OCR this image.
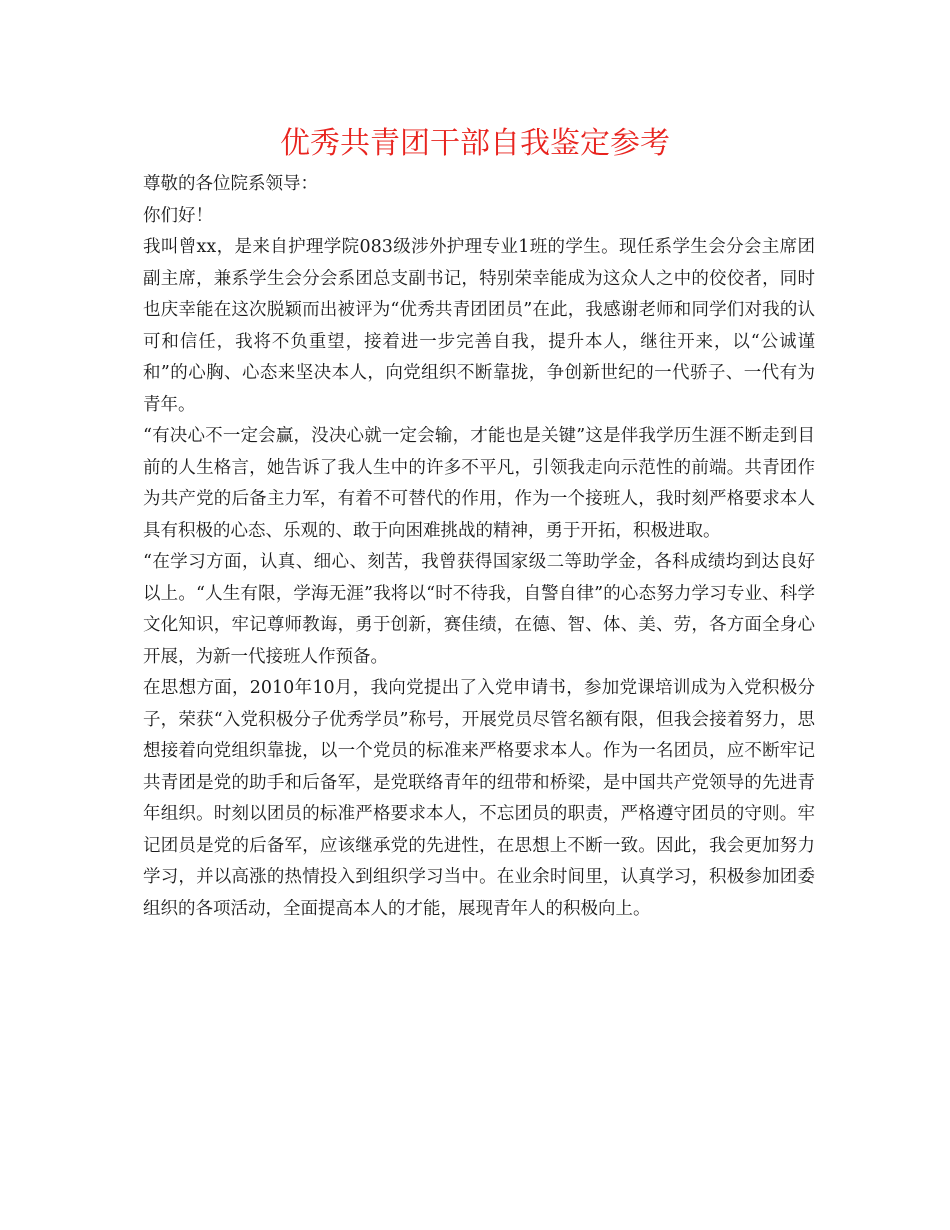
优秀共青团干部自我鉴定参考

尊敬的各位院系领导：

你们好！

我叫曾xx，是来自护理学院083级涉外护理专业1班的学生。现任系学生会分会主席团副主席，兼系学生会分会系团总支副书记，特别荣幸能成为这众人之中的佼佼者，同时也庆幸能在这次脱颖而出被评为“优秀共青团团员”在此，我感谢老师和同学们对我的认可和信任，我将不负重望，接着进一步完善自我，提升本人，继往开来，以“公诚谨和”的心胸、心态来坚决本人，向党组织不断靠拢，争创新世纪的一代骄子、一代有为青年。

“有决心不一定会赢，没决心就一定会输，才能也是关键”这是伴我学历生涯不断走到目前的人生格言，她告诉了我人生中的许多不平凡，引领我走向示范性的前端。共青团作为共产党的后备主力军，有着不可替代的作用，作为一个接班人，我时刻严格要求本人具有积极的心态、乐观的、敢于向困难挑战的精神，勇于开拓，积极进取。

“在学习方面，认真、细心、刻苦，我曾获得国家级二等助学金，各科成绩均到达良好以上。“人生有限，学海无涯”我将以“时不待我，自警自律”的心态努力学习专业、科学文化知识，牢记尊师教诲，勇于创新，赛佳绩，在德、智、体、美、劳，各方面全身心开展，为新一代接班人作预备。

在思想方面，2010年10月，我向党提出了入党申请书，参加党课培训成为入党积极分子，荣获“入党积极分子优秀学员”称号，开展党员尽管名额有限，但我会接着努力，思想接着向党组织靠拢，以一个党员的标准来严格要求本人。作为一名团员，应不断牢记共青团是党的助手和后备军，是党联络青年的纽带和桥梁，是中国共产党领导的先进青年组织。时刻以团员的标准严格要求本人，不忘团员的职责，严格遵守团员的守则。牢记团员是党的后备军，应该继承党的先进性，在思想上不断一致。因此，我会更加努力学习，并以高涨的热情投入到组织学习当中。在业余时间里，认真学习，积极参加团委组织的各项活动，全面提高本人的才能，展现青年人的积极向上。
